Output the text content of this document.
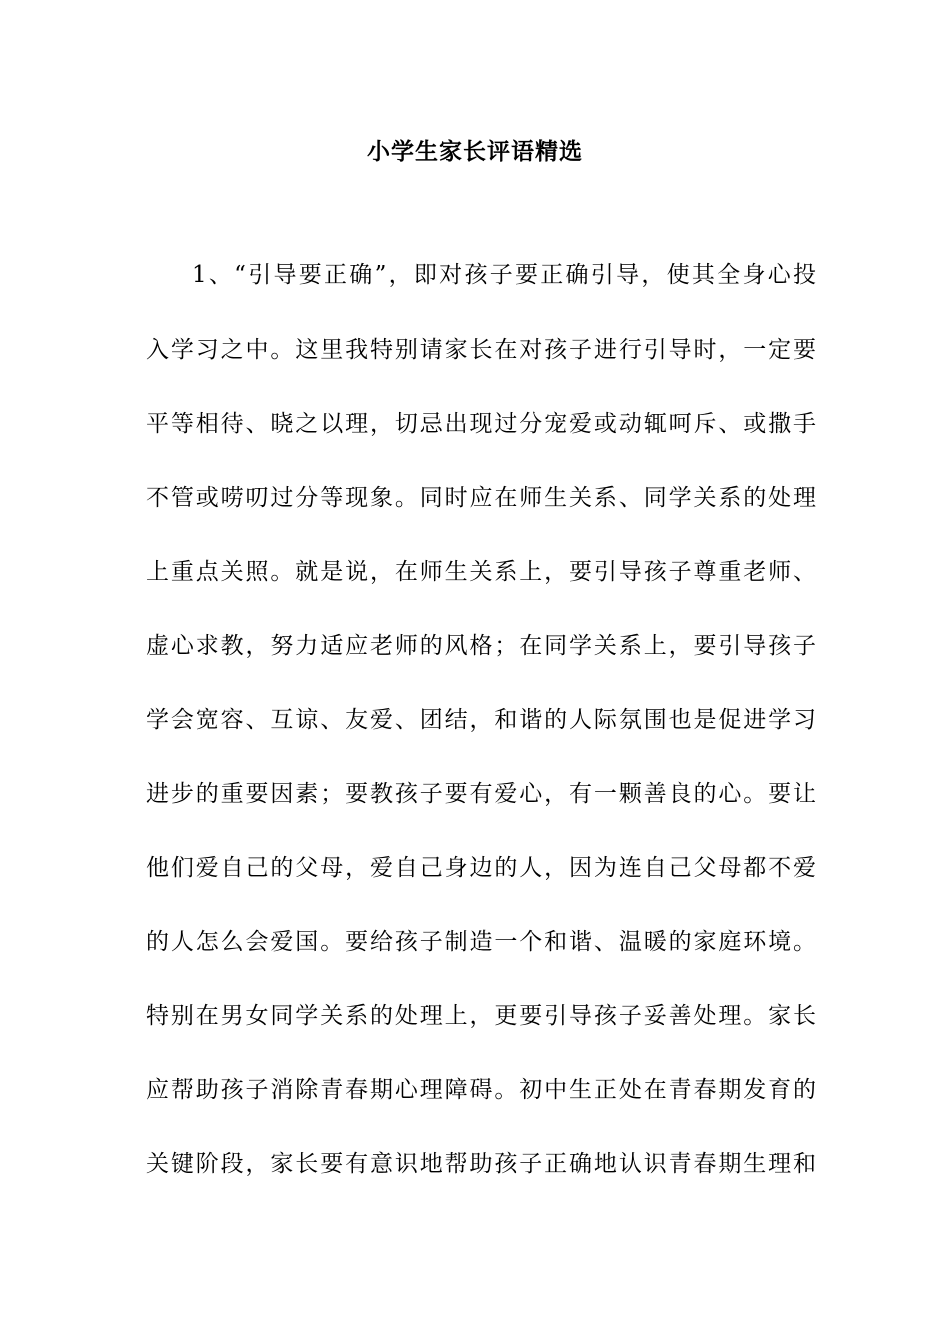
小学生家长评语精选
1、“引导要正确”，即对孩子要正确引导，使其全身心投
入学习之中。这里我特别请家长在对孩子进行引导时，一定要
平等相待、晓之以理，切忌出现过分宠爱或动辄呵斥、或撒手
不管或唠叨过分等现象。同时应在师生关系、同学关系的处理
上重点关照。就是说，在师生关系上，要引导孩子尊重老师、
虚心求教，努力适应老师的风格；在同学关系上，要引导孩子
学会宽容、互谅、友爱、团结，和谐的人际氛围也是促进学习
进步的重要因素；要教孩子要有爱心，有一颗善良的心。要让
他们爱自己的父母，爱自己身边的人，因为连自己父母都不爱
的人怎么会爱国。要给孩子制造一个和谐、温暖的家庭环境。
特别在男女同学关系的处理上，更要引导孩子妥善处理。家长
应帮助孩子消除青春期心理障碍。初中生正处在青春期发育的
关键阶段，家长要有意识地帮助孩子正确地认识青春期生理和
